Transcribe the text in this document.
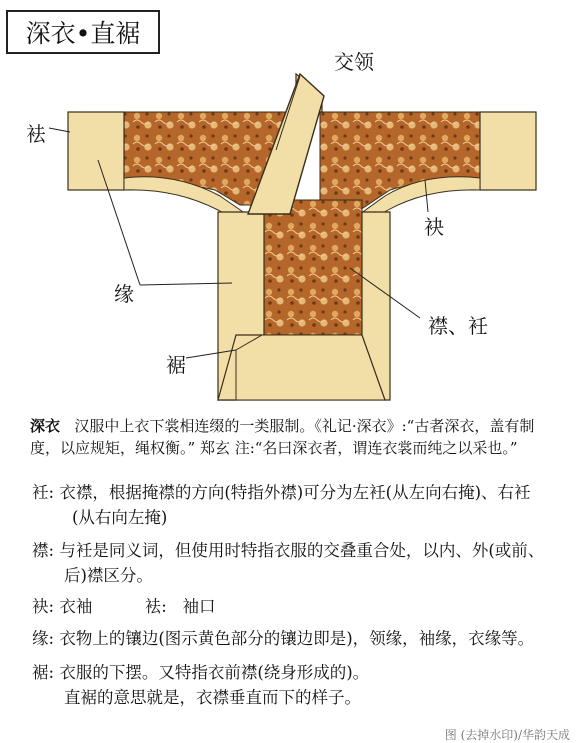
深衣•直裾
交领
袪
袂
缘
襟、衽
裾
深衣 汉服中上衣下裳相连缀的一类服制。《礼记·深衣》:“古者深衣，盖有制度，以应规矩，绳权衡。” 郑玄 注:“名曰深衣者，谓连衣裳而纯之以采也。”
衽: 衣襟，根据掩襟的方向(特指外襟)可分为左衽(从左向右掩)、右衽
(从右向左掩)
襟: 与衽是同义词，但使用时特指衣服的交叠重合处，以内、外(或前、
后)襟区分。
袂: 衣袖          袪:   袖口
缘: 衣物上的镶边(图示黄色部分的镶边即是)，领缘，袖缘，衣缘等。
裾: 衣服的下摆。又特指衣前襟(绕身形成的)。
直裾的意思就是，衣襟垂直而下的样子。
图 (去掉水印)/华韵天成
